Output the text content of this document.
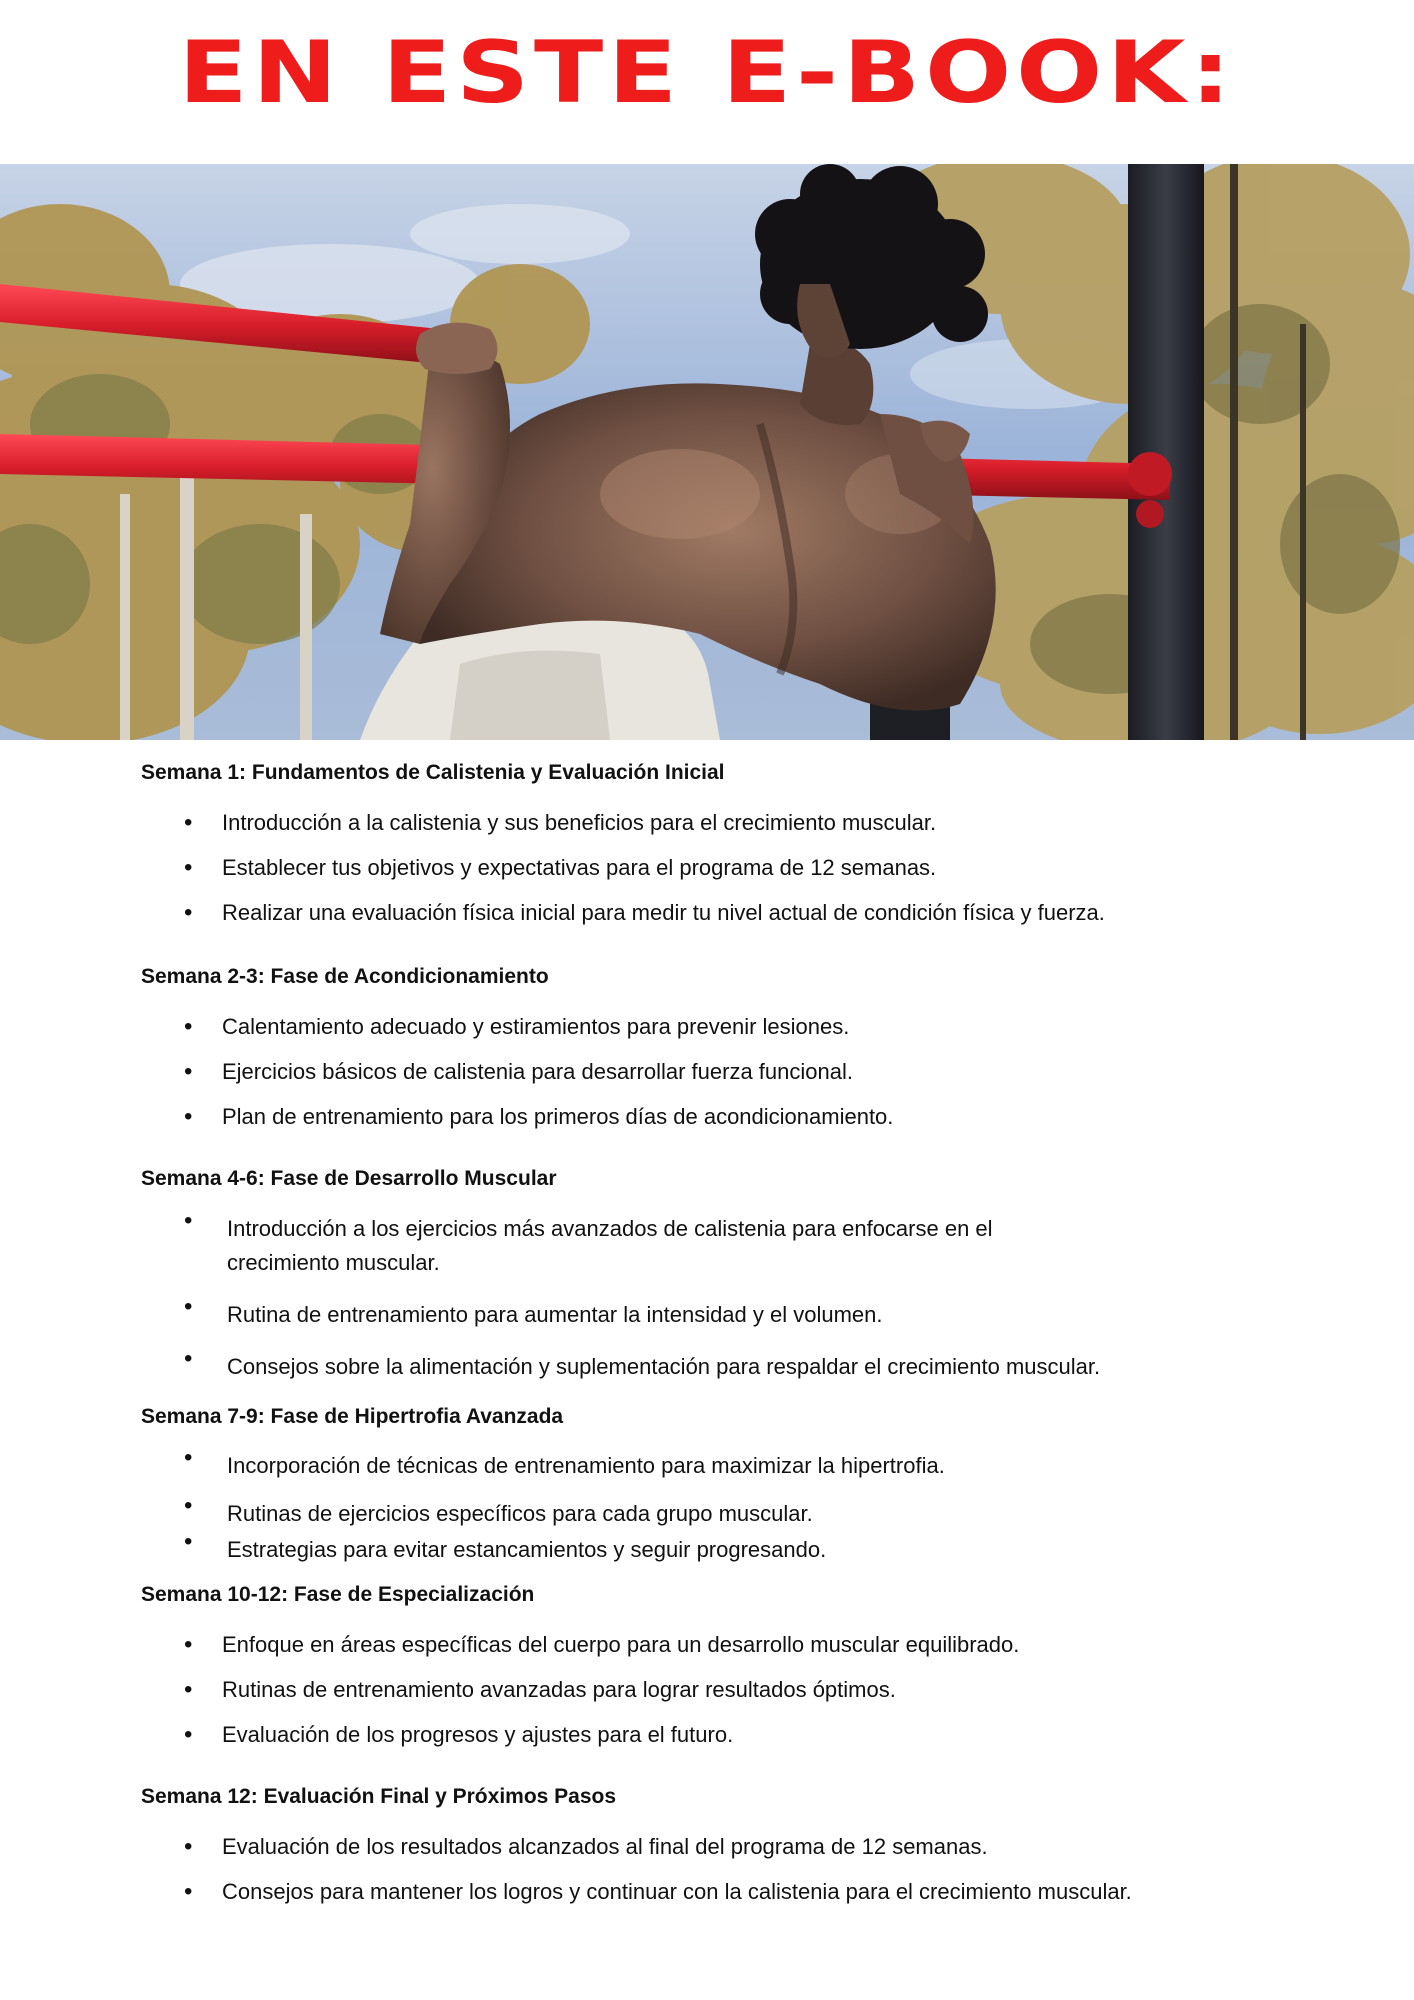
EN ESTE E-BOOK:
Semana 1: Fundamentos de Calistenia y Evaluación Inicial
• Introducción a la calistenia y sus beneficios para el crecimiento muscular.
• Establecer tus objetivos y expectativas para el programa de 12 semanas.
• Realizar una evaluación física inicial para medir tu nivel actual de condición física y fuerza.
Semana 2-3: Fase de Acondicionamiento
• Calentamiento adecuado y estiramientos para prevenir lesiones.
• Ejercicios básicos de calistenia para desarrollar fuerza funcional.
• Plan de entrenamiento para los primeros días de acondicionamiento.
Semana 4-6: Fase de Desarrollo Muscular
• Introducción a los ejercicios más avanzados de calistenia para enfocarse en el crecimiento muscular.
• Rutina de entrenamiento para aumentar la intensidad y el volumen.
• Consejos sobre la alimentación y suplementación para respaldar el crecimiento muscular.
Semana 7-9: Fase de Hipertrofia Avanzada
• Incorporación de técnicas de entrenamiento para maximizar la hipertrofia.
• Rutinas de ejercicios específicos para cada grupo muscular.
• Estrategias para evitar estancamientos y seguir progresando.
Semana 10-12: Fase de Especialización
• Enfoque en áreas específicas del cuerpo para un desarrollo muscular equilibrado.
• Rutinas de entrenamiento avanzadas para lograr resultados óptimos.
• Evaluación de los progresos y ajustes para el futuro.
Semana 12: Evaluación Final y Próximos Pasos
• Evaluación de los resultados alcanzados al final del programa de 12 semanas.
• Consejos para mantener los logros y continuar con la calistenia para el crecimiento muscular.
